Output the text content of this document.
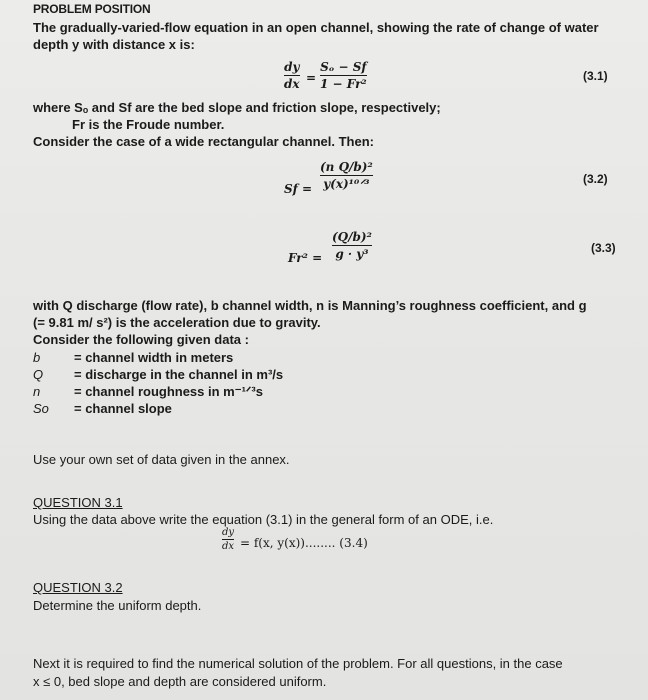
PROBLEM POSITION
The gradually-varied-flow equation in an open channel, showing the rate of change of water
depth y with distance x is:
dy
dx =
Sₒ − Sf
1 − Fr²
(3.1)
where Sₒ and Sf are the bed slope and friction slope, respectively;
Fr is the Froude number.
Consider the case of a wide rectangular channel. Then:
Sf =
(n Q/b)²
y(x)¹⁰ᐟ³	(3.2)
Fr² =
(Q/b)²
g · y³	(3.3)
with Q discharge (flow rate), b channel width, n is Manning’s roughness coefficient, and g
(= 9.81 m/ s²) is the acceleration due to gravity.
Consider the following given data :
b	= channel width in meters
Q = discharge in the channel in m³/s
n	= channel roughness in m⁻¹ᐟ³s
So = channel slope
Use your own set of data given in the annex.
QUESTION 3.1
Using the data above write the equation (3.1) in the general form of an ODE, i.e.
dy
dx = f(x, y(x))........ (3.4)
QUESTION 3.2
Determine the uniform depth.
Next it is required to find the numerical solution of the problem. For all questions, in the case
x ≤ 0, bed slope and depth are considered uniform.
